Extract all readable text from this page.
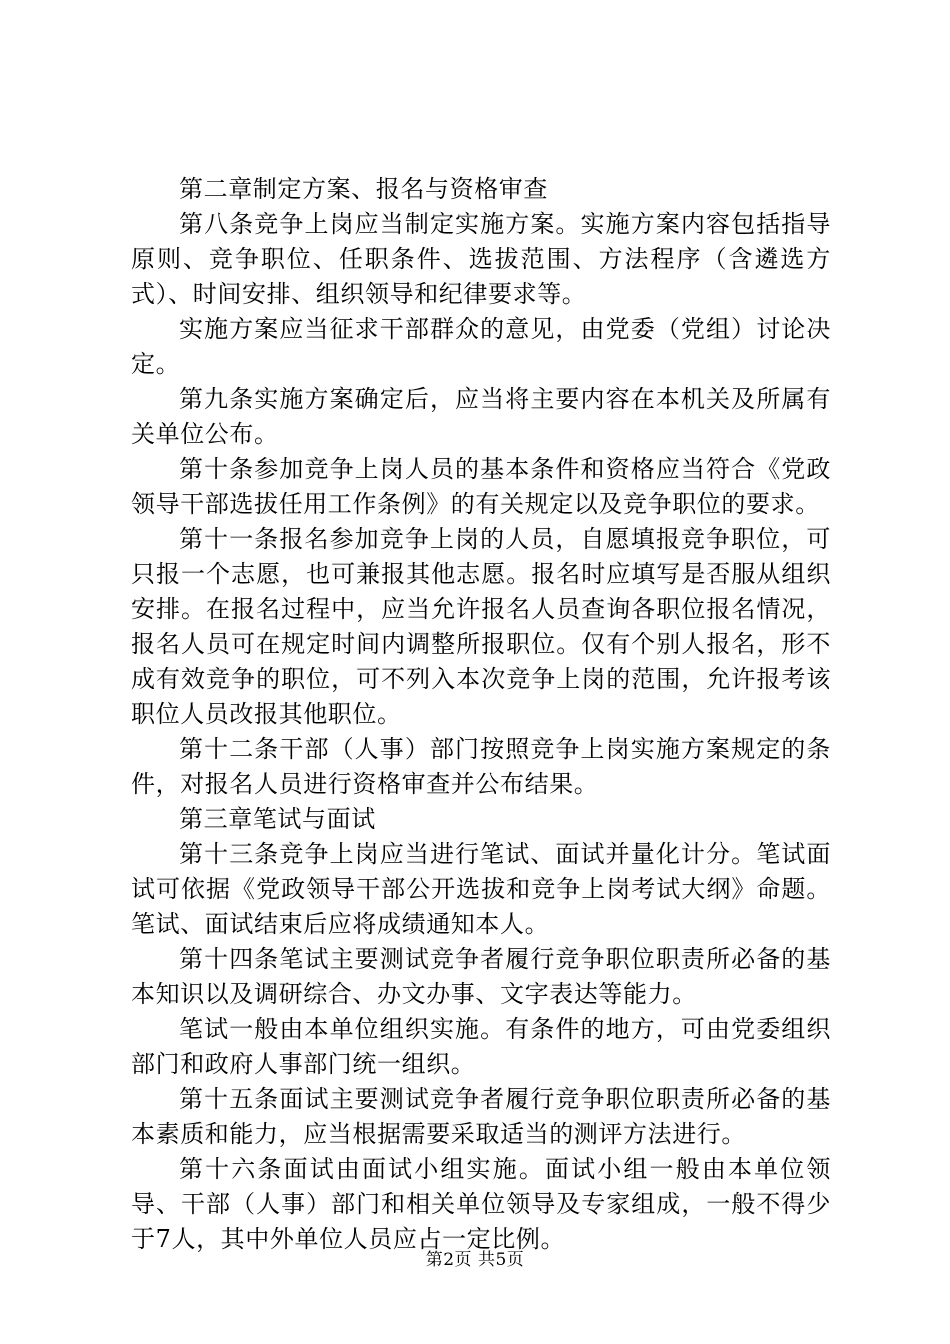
第二章制定方案、报名与资格审查

第八条竞争上岗应当制定实施方案。实施方案内容包括指导原则、竞争职位、任职条件、选拔范围、方法程序（含遴选方式）、时间安排、组织领导和纪律要求等。

实施方案应当征求干部群众的意见，由党委（党组）讨论决定。

第九条实施方案确定后，应当将主要内容在本机关及所属有关单位公布。

第十条参加竞争上岗人员的基本条件和资格应当符合《党政领导干部选拔任用工作条例》的有关规定以及竞争职位的要求。

第十一条报名参加竞争上岗的人员，自愿填报竞争职位，可只报一个志愿，也可兼报其他志愿。报名时应填写是否服从组织安排。在报名过程中，应当允许报名人员查询各职位报名情况，报名人员可在规定时间内调整所报职位。仅有个别人报名，形不成有效竞争的职位，可不列入本次竞争上岗的范围，允许报考该职位人员改报其他职位。

第十二条干部（人事）部门按照竞争上岗实施方案规定的条件，对报名人员进行资格审查并公布结果。

第三章笔试与面试

第十三条竞争上岗应当进行笔试、面试并量化计分。笔试面试可依据《党政领导干部公开选拔和竞争上岗考试大纲》命题。笔试、面试结束后应将成绩通知本人。

第十四条笔试主要测试竞争者履行竞争职位职责所必备的基本知识以及调研综合、办文办事、文字表达等能力。

笔试一般由本单位组织实施。有条件的地方，可由党委组织部门和政府人事部门统一组织。

第十五条面试主要测试竞争者履行竞争职位职责所必备的基本素质和能力，应当根据需要采取适当的测评方法进行。

第十六条面试由面试小组实施。面试小组一般由本单位领导、干部（人事）部门和相关单位领导及专家组成，一般不得少于7人，其中外单位人员应占一定比例。

第2页 共5页
